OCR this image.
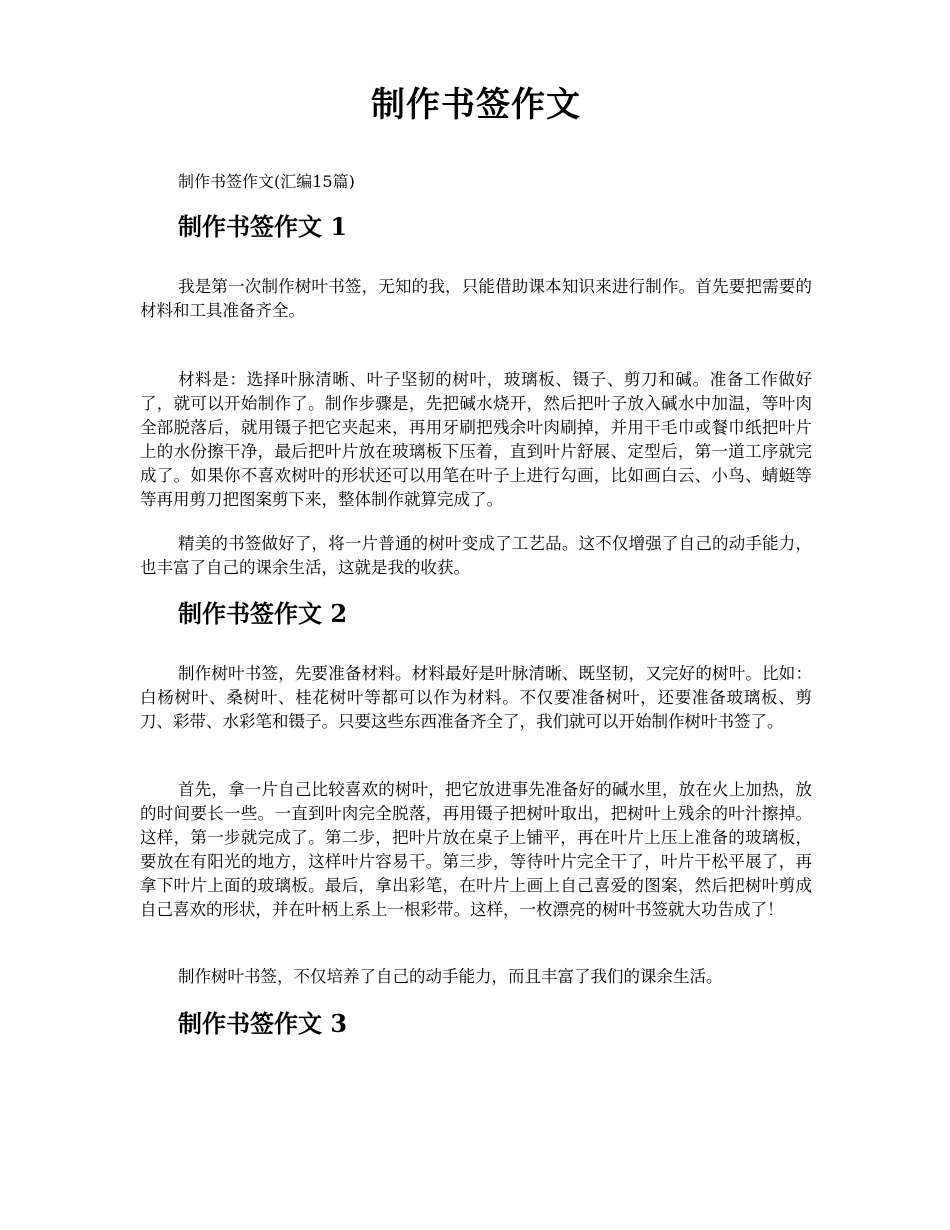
制作书签作文
制作书签作文(汇编15篇)
制作书签作文 1

我是第一次制作树叶书签，无知的我，只能借助课本知识来进行制作。首先要把需要的材料和工具准备齐全。

材料是：选择叶脉清晰、叶子坚韧的树叶，玻璃板、镊子、剪刀和碱。准备工作做好了，就可以开始制作了。制作步骤是，先把碱水烧开，然后把叶子放入碱水中加温，等叶肉全部脱落后，就用镊子把它夹起来，再用牙刷把残余叶肉刷掉，并用干毛巾或餐巾纸把叶片上的水份擦干净，最后把叶片放在玻璃板下压着，直到叶片舒展、定型后，第一道工序就完成了。如果你不喜欢树叶的形状还可以用笔在叶子上进行勾画，比如画白云、小鸟、蜻蜓等等再用剪刀把图案剪下来，整体制作就算完成了。

精美的书签做好了，将一片普通的树叶变成了工艺品。这不仅增强了自己的动手能力，也丰富了自己的课余生活，这就是我的收获。

制作书签作文 2

制作树叶书签，先要准备材料。材料最好是叶脉清晰、既坚韧，又完好的树叶。比如：白杨树叶、桑树叶、桂花树叶等都可以作为材料。不仅要准备树叶，还要准备玻璃板、剪刀、彩带、水彩笔和镊子。只要这些东西准备齐全了，我们就可以开始制作树叶书签了。

首先，拿一片自己比较喜欢的树叶，把它放进事先准备好的碱水里，放在火上加热，放的时间要长一些。一直到叶肉完全脱落，再用镊子把树叶取出，把树叶上残余的叶汁擦掉。这样，第一步就完成了。第二步，把叶片放在桌子上铺平，再在叶片上压上准备的玻璃板，要放在有阳光的地方，这样叶片容易干。第三步，等待叶片完全干了，叶片干松平展了，再拿下叶片上面的玻璃板。最后，拿出彩笔，在叶片上画上自己喜爱的图案，然后把树叶剪成自己喜欢的形状，并在叶柄上系上一根彩带。这样，一枚漂亮的树叶书签就大功告成了！

制作树叶书签，不仅培养了自己的动手能力，而且丰富了我们的课余生活。

制作书签作文 3
